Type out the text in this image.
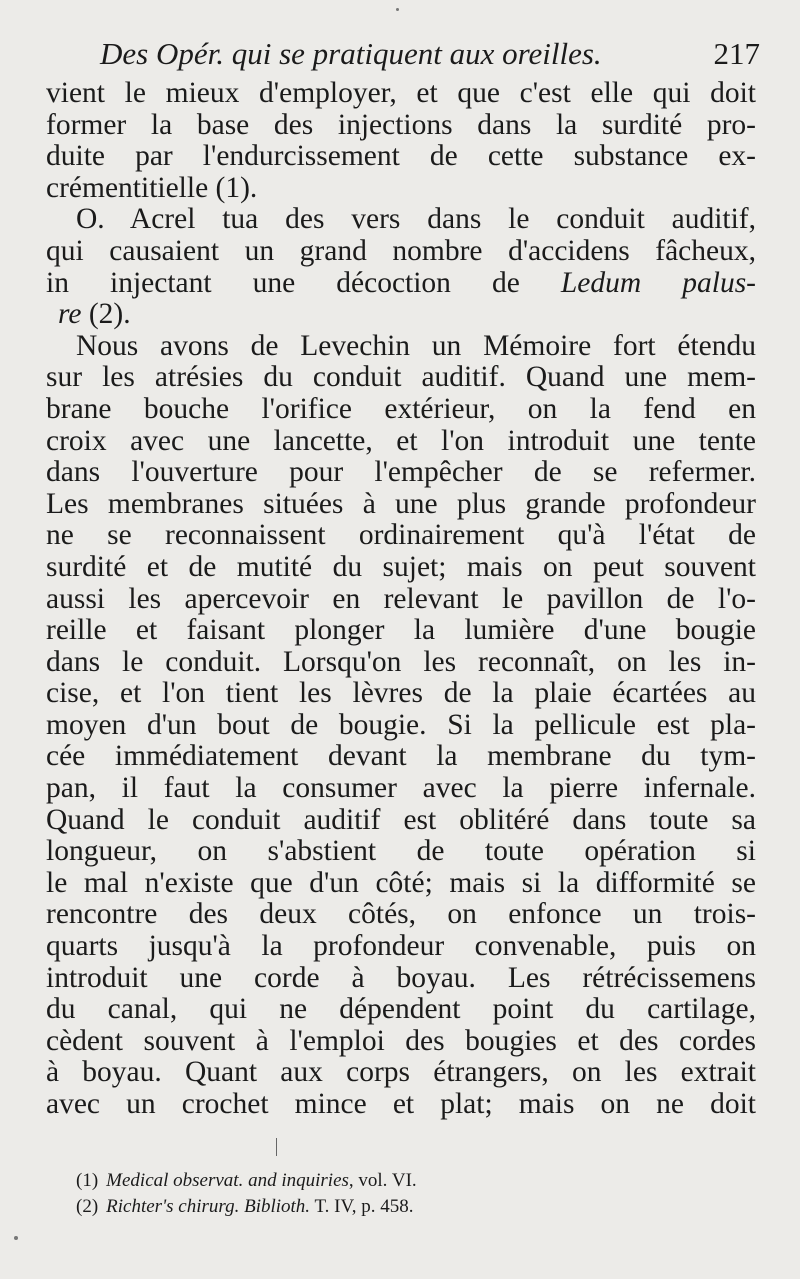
Des Opér. qui se pratiquent aux oreilles.	217
vient le mieux d'employer, et que c'est elle qui doit
former la base des injections dans la surdité pro-
duite par l'endurcissement de cette substance ex-
crémentitielle (1).
O. Acrel tua des vers dans le conduit auditif,
qui causaient un grand nombre d'accidens fâcheux,
in injectant une décoction de Ledum palus-
re (2).
Nous avons de Levechin un Mémoire fort étendu
sur les atrésies du conduit auditif. Quand une mem-
brane bouche l'orifice extérieur, on la fend en
croix avec une lancette, et l'on introduit une tente
dans l'ouverture pour l'empêcher de se refermer.
Les membranes situées à une plus grande profondeur
ne se reconnaissent ordinairement qu'à l'état de
surdité et de mutité du sujet; mais on peut souvent
aussi les apercevoir en relevant le pavillon de l'o-
reille et faisant plonger la lumière d'une bougie
dans le conduit. Lorsqu'on les reconnaît, on les in-
cise, et l'on tient les lèvres de la plaie écartées au
moyen d'un bout de bougie. Si la pellicule est pla-
cée immédiatement devant la membrane du tym-
pan, il faut la consumer avec la pierre infernale.
Quand le conduit auditif est oblitéré dans toute sa
longueur, on s'abstient de toute opération si
le mal n'existe que d'un côté; mais si la difformité se
rencontre des deux côtés, on enfonce un trois-
quarts jusqu'à la profondeur convenable, puis on
introduit une corde à boyau. Les rétrécissemens
du canal, qui ne dépendent point du cartilage,
cèdent souvent à l'emploi des bougies et des cordes
à boyau. Quant aux corps étrangers, on les extrait
avec un crochet mince et plat; mais on ne doit
(1) Medical observat. and inquiries, vol. VI.
(2) Richter's chirurg. Biblioth. T. IV, p. 458.
